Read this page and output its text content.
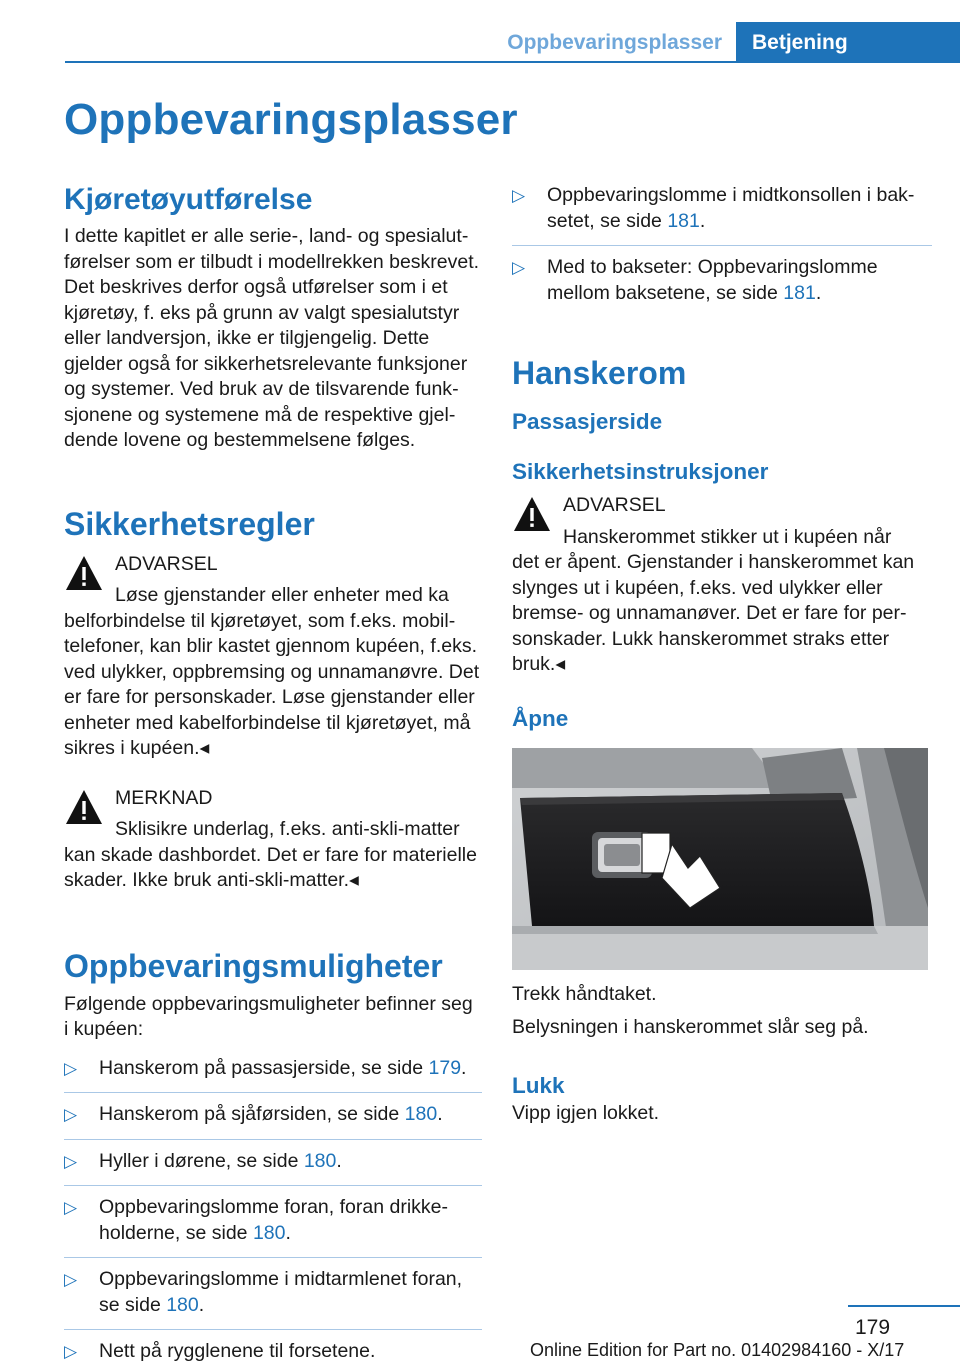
Oppbevaringsplasser	Betjening
Oppbevaringsplasser
Kjøretøyutførelse

I dette kapitlet er alle serie-, land- og spesialutførelser som er tilbudt i modellrekken beskrevet. Det beskrives derfor også utførelser som i et kjøretøy, f. eks på grunn av valgt spesialutstyr eller landversjon, ikke er tilgjengelig. Dette gjelder også for sikkerhetsrelevante funksjoner og systemer. Ved bruk av de tilsvarende funksjonene og systemene må de respektive gjeldende lovene og bestemmelsene følges.

Sikkerhetsregler
ADVARSEL
Løse gjenstander eller enheter med ka

belforbindelse til kjøretøyet, som f.eks. mobiltelefoner, kan blir kastet gjennom kupéen, f.eks. ved ulykker, oppbremsing og unnamanøvre. Det er fare for personskader. Løse gjenstander eller enheter med kabelforbindelse til kjøretøyet, må sikres i kupéen.◂

MERKNAD
Sklisikre underlag, f.eks. anti-skli-matter

kan skade dashbordet. Det er fare for materielle skader. Ikke bruk anti-skli-matter.◂

Oppbevaringsmuligheter

Følgende oppbevaringsmuligheter befinner seg i kupéen:

▷ Hanskerom på passasjerside, se side 179.
▷ Hanskerom på sjåførsiden, se side 180.
▷ Hyller i dørene, se side 180.
▷ Oppbevaringslomme foran, foran drikkeholderne, se side 180.
▷ Oppbevaringslomme i midtarmlenet foran, se side 180.
▷ Nett på rygglenene til forsetene.
▷ Oppbevaringslomme i midtkonsollen i baksetet, se side 181.
▷ Med to bakseter: Oppbevaringslomme mellom baksetene, se side 181.
Hanskerom
Passasjerside
Sikkerhetsinstruksjoner
ADVARSEL
Hanskerommet stikker ut i kupéen når

det er åpent. Gjenstander i hanskerommet kan slynges ut i kupéen, f.eks. ved ulykker eller bremse- og unnamanøver. Det er fare for personskader. Lukk hanskerommet straks etter bruk.◂

Åpne

Trekk håndtaket.

Belysningen i hanskerommet slår seg på.

Lukk

Vipp igjen lokket.

179
Online Edition for Part no. 01402984160 - X/17
